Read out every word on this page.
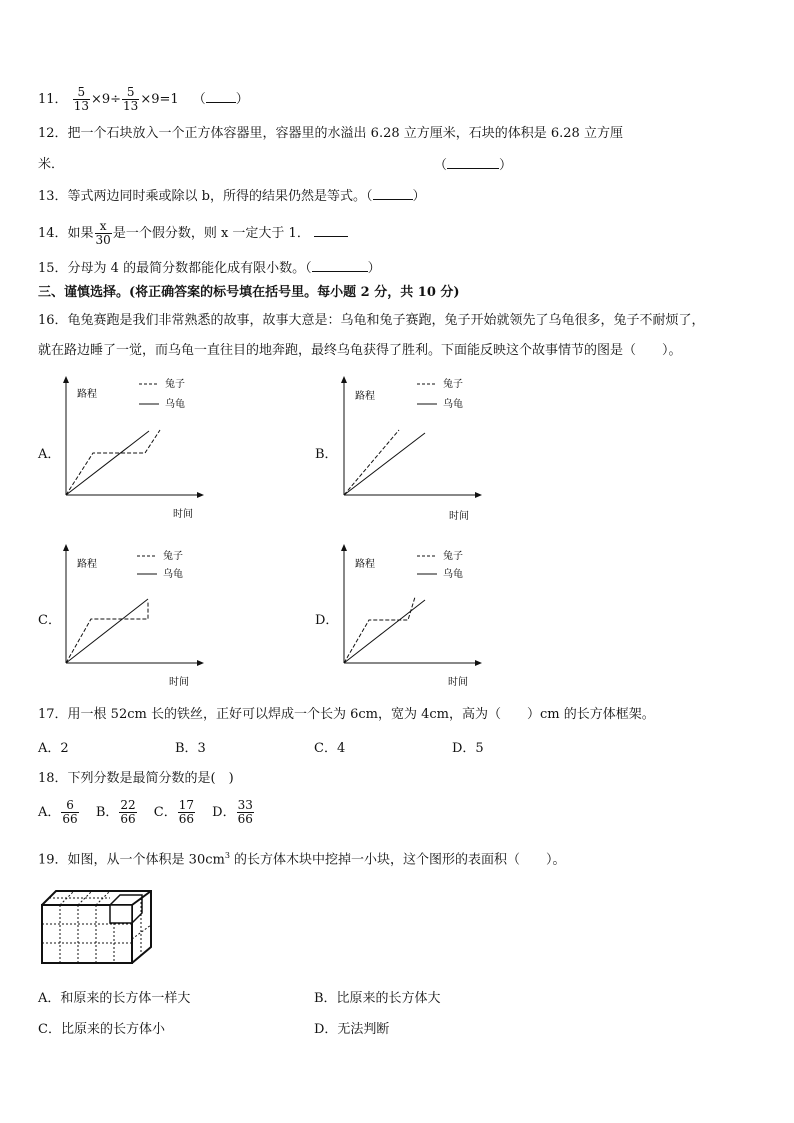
11． $\frac{5}{13} \times 9\div \frac{5}{13} \times 9=1$ （ ）
12．把一个石块放入一个正方体容器里，容器里的水溢出 6.28 立方厘米，石块的体积是 6.28 立方厘
米．	（	）
13．等式两边同时乘或除以 b，所得的结果仍然是等式。（	）
14．如果 $\frac{x}{30}$ 是一个假分数，则 x 一定大于 1．
15．分母为 4 的最简分数都能化成有限小数。（	）
三、谨慎选择。(将正确答案的标号填在括号里。每小题 2 分，共 10 分)
16．龟兔赛跑是我们非常熟悉的故事，故事大意是：乌龟和兔子赛跑，兔子开始就领先了乌龟很多，兔子不耐烦了，
就在路边睡了一觉，而乌龟一直往目的地奔跑，最终乌龟获得了胜利。下面能反映这个故事情节的图是（　　）。
A．	B．
C．	D．
路程
时间
兔子
乌龟
路程
时间
兔子
乌龟
路程
时间
兔子
乌龟
路程
时间
兔子
乌龟
17．用一根 52cm 长的铁丝，正好可以焊成一个长为 6cm，宽为 4cm，高为（　　）cm 的长方体框架。
A．2	B．3	C．4	D．5
18．下列分数是最简分数的是(　)
A． $\frac{6}{66}$ B． $\frac{22}{66}$ C． $\frac{17}{66}$ D． $\frac{33}{66}$
19．如图，从一个体积是 $30cm^3$ 的长方体木块中挖掉一小块，这个图形的表面积（　　）。
A．和原来的长方体一样大	B．比原来的长方体大
C．比原来的长方体小	D．无法判断
